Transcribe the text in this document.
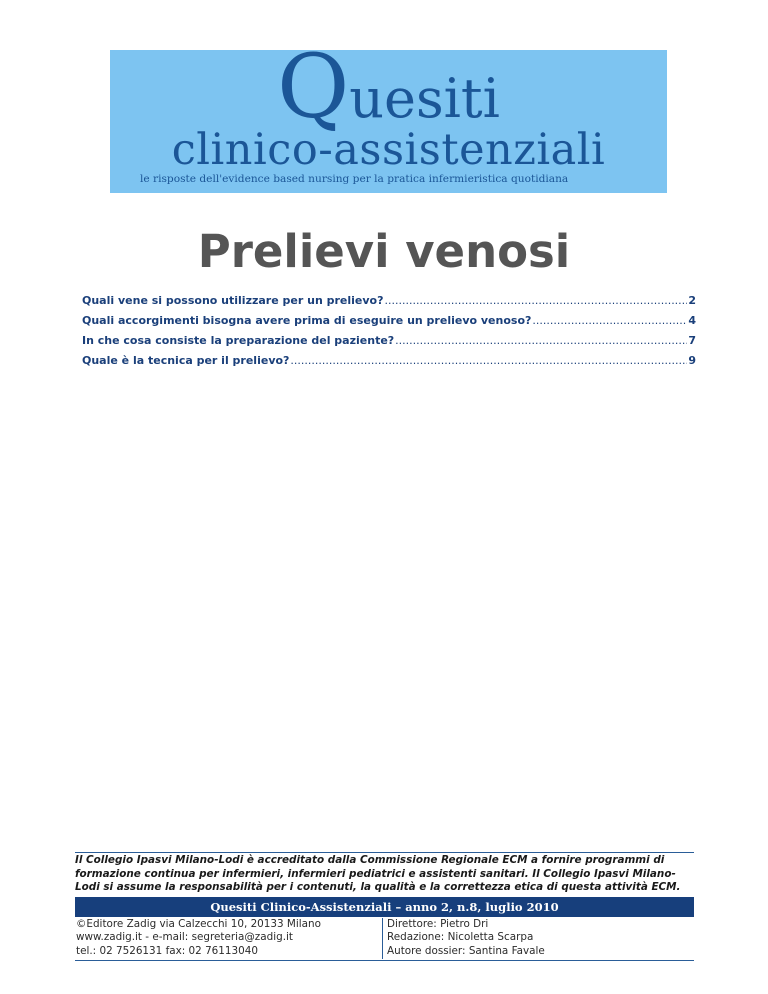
Quesiti
clinico-assistenziali
le risposte dell'evidence based nursing per la pratica infermieristica quotidiana
Prelievi venosi
Quali vene si possono utilizzare per un prelievo? .....	2
Quali accorgimenti bisogna avere prima di eseguire un prelievo venoso? .....	4
In che cosa consiste la preparazione del paziente? .....	7
Quale è la tecnica per il prelievo? .....	9
Il Collegio Ipasvi Milano-Lodi è accreditato dalla Commissione Regionale ECM a fornire programmi di formazione continua per infermieri, infermieri pediatrici e assistenti sanitari. Il Collegio Ipasvi Milano-Lodi si assume la responsabilità per i contenuti, la qualità e la correttezza etica di questa attività ECM.
Quesiti Clinico-Assistenziali – anno 2, n.8, luglio 2010
©Editore Zadig via Calzecchi 10, 20133 Milano
www.zadig.it - e-mail: segreteria@zadig.it
tel.: 02 7526131 fax: 02 76113040
Direttore: Pietro Dri
Redazione: Nicoletta Scarpa
Autore dossier: Santina Favale
